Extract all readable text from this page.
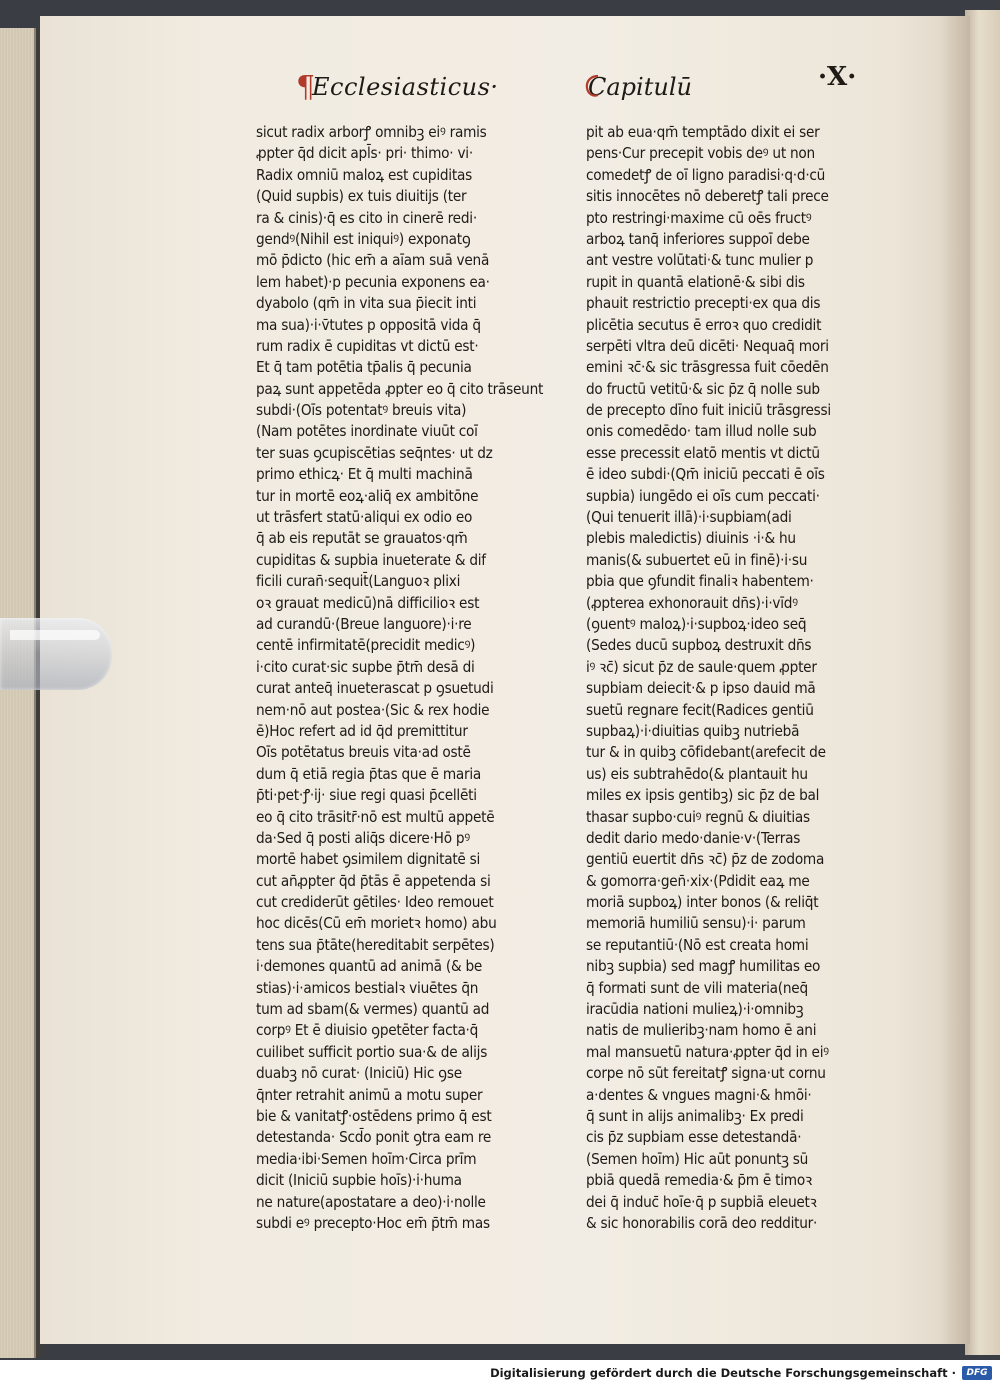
¶
Ecclesiasticus·	Capitulū	·X·
sicut radix arborꝭ omnibꝫ eiꝰ ramis
ꝓpter q̄d dicit apl̄s· pri· thimo· vi·
Radix omniū maloꝝ est cupiditas
(Quid supbis) ex tuis diuitijs (ter
ra & cinis)·q̄ es cito in cinerē redi·
gendꝰ(Nihil est iniquiꝰ) exponatꝯ
mō p̄dicto (hic em̄ a aīam suā venā
lem habet)·p pecunia exponens ea·
dyabolo (qm̄ in vita sua p̄iecit inti
ma sua)·i·v̄tutes p oppositā vida q̄
rum radix ē cupiditas vt dictū est·
Et q̄ tam potētia tp̄alis q̄ pecunia
paꝝ sunt appetēda ꝓpter eo q̄ cito trāseunt
subdi·(Oīs potentatꝰ breuis vita)
(Nam potētes inordinate viuūt coī
ter suas ꝯcupiscētias seq̄ntes· ut dz
primo ethicꝝ· Et q̄ multi machinā
tur in mortē eoꝝ·aliq̄ ex ambitōne
ut trāsfert statū·aliqui ex odio eo
q̄ ab eis reputāt se grauatos·qm̄
cupiditas & supbia inueterate & dif
ficili curan̄·sequit̄(Languoꝛ plixi
oꝛ grauat medicū)nā difficilioꝛ est
ad curandū·(Breue languore)·i·re
centē infirmitatē(precidit medicꝰ)
i·cito curat·sic supbe p̄tm̄ desā di
curat anteq̄ inueterascat p ꝯsuetudi
nem·nō aut postea·(Sic & rex hodie
ē)Hoc refert ad id q̄d premittitur
Oīs potētatus breuis vita·ad ostē
dum q̄ etiā regia p̄tas que ē maria
p̄ti·pet·ꝭ·ij· siue regi quasi p̄cellēti
eo q̄ cito trāsitr̄·nō est multū appetē
da·Sed q̄ posti aliq̄s dicere·Hō pꝰ
mortē habet ꝯsimilem dignitatē si
cut an̄ꝓpter q̄d p̄tās ē appetenda si
cut crediderūt gētiles· Ideo remouet
hoc dicēs(Cū em̄ morietꝛ homo) abu
tens sua p̄tāte(hereditabit serpētes)
i·demones quantū ad animā (& be
stias)·i·amicos bestialꝛ viuētes q̄n
tum ad sbam(& vermes) quantū ad
corpꝰ Et ē diuisio ꝯpetēter facta·q̄
cuilibet sufficit portio sua·& de alijs
duabꝫ nō curat· (Iniciū) Hic ꝯse
q̄nter retrahit animū a motu super
bie & vanitatꝭ·ostēdens primo q̄ est
detestanda· Scd̄o ponit ꝯtra eam re
media·ibi·Semen hoīm·Circa prīm
dicit (Iniciū supbie hoīs)·i·huma
ne nature(apostatare a deo)·i·nolle
subdi eꝰ precepto·Hoc em̄ p̄tm̄ mas
pit ab eua·qm̄ temptādo dixit ei ser
pens·Cur precepit vobis deꝰ ut non
comedetꝭ de oī ligno paradisi·q·d·cū
sitis innocētes nō deberetꝭ tali prece
pto restringi·maxime cū oēs fructꝰ
arboꝝ tanq̄ inferiores suppoī debe
ant vestre volūtati·& tunc mulier p
rupit in quantā elationē·& sibi dis
phauit restrictio precepti·ex qua dis
plicētia secutus ē erroꝛ quo credidit
serpēti vltra deū dicēti· Nequaq̄ mori
emini ꝛc̄·& sic trāsgressa fuit cōedēn
do fructū vetitū·& sic p̄z q̄ nolle sub
de precepto dīno fuit iniciū trāsgressi
onis comedēdo· tam illud nolle sub
esse precessit elatō mentis vt dictū
ē ideo subdi·(Qm̄ iniciū peccati ē oīs
supbia) iungēdo ei oīs cum peccati·
(Qui tenuerit illā)·i·supbiam(adi
plebis maledictis) diuinis ·i·& hu
manis(& subuertet eū in finē)·i·su
pbia que ꝯfundit finaliꝛ habentem·
(ꝓpterea exhonorauit dn̄s)·i·vīdꝰ
(ꝯuentꝰ maloꝝ)·i·supboꝝ·ideo seq̄
(Sedes ducū supboꝝ destruxit dn̄s
iꝰ ꝛc̄) sicut p̄z de saule·quem ꝓpter
supbiam deiecit·& p ipso dauid mā
suetū regnare fecit(Radices gentiū
supbaꝝ)·i·diuitias quibꝫ nutriebā
tur & in quibꝫ cōfidebant(arefecit de
us) eis subtrahēdo(& plantauit hu
miles ex ipsis gentibꝫ) sic p̄z de bal
thasar supbo·cuiꝰ regnū & diuitias
dedit dario medo·danie·v·(Terras
gentiū euertit dn̄s ꝛc̄) p̄z de zodoma
& gomorra·gen̄·xix·(Pdidit eaꝝ me
moriā supboꝝ) inter bonos (& reliq̄t
memoriā humiliū sensu)·i· parum
se reputantiū·(Nō est creata homi
nibꝫ supbia) sed magꝭ humilitas eo
q̄ formati sunt de vili materia(neq̄
iracūdia nationi mulieꝝ)·i·omnibꝫ
natis de mulieribꝫ·nam homo ē ani
mal mansuetū natura·ꝓpter q̄d in eiꝰ
corpe nō sūt fereitatꝭ signa·ut cornu
a·dentes & vngues magni·& hmōi·
q̄ sunt in alijs animalibꝫ· Ex predi
cis p̄z supbiam esse detestandā·
(Semen hoīm) Hic aūt ponuntꝫ sū
pbiā quedā remedia·& p̄m ē timoꝛ
dei q̄ induc̄ hoīe·q̄ p supbiā eleuetꝛ
& sic honorabilis corā deo redditur·
Digitalisierung gefördert durch die Deutsche Forschungsgemeinschaft ·	DFG
